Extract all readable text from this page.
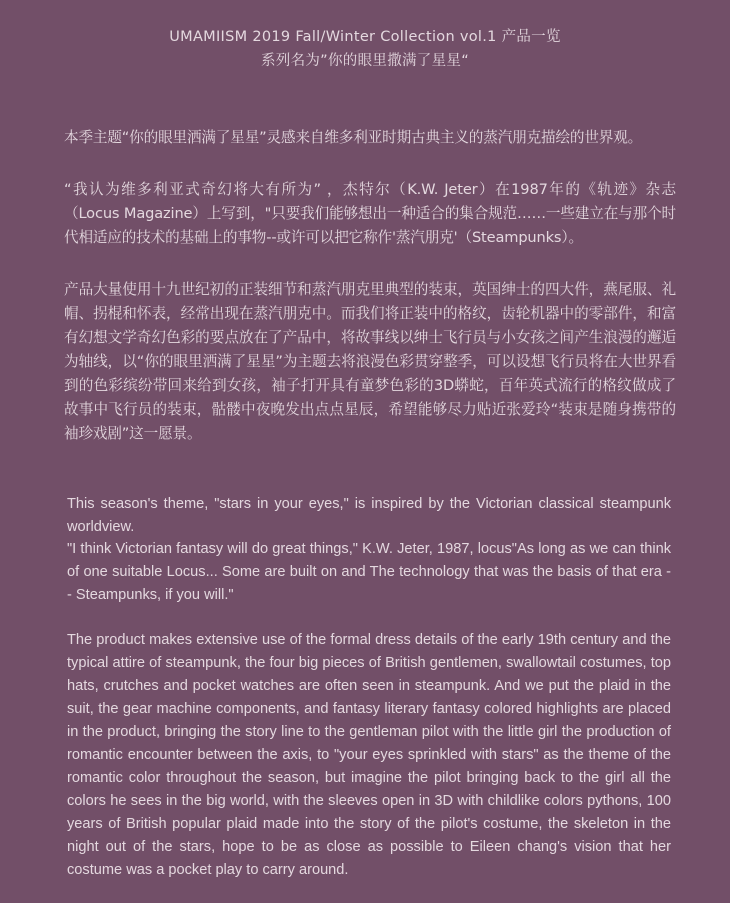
UMAMIISM 2019 Fall/Winter Collection vol.1 产品一览
系列名为”你的眼里撒满了星星“

本季主题“你的眼里洒满了星星”灵感来自维多利亚时期古典主义的蒸汽朋克描绘的世界观。

“我认为维多利亚式奇幻将大有所为” ，杰特尔（K.W. Jeter）在1987年的《轨迹》杂志（Locus Magazine）上写到，"只要我们能够想出一种适合的集合规范……一些建立在与那个时代相适应的技术的基础上的事物--或许可以把它称作'蒸汽朋克'（Steampunks）。

产品大量使用十九世纪初的正装细节和蒸汽朋克里典型的装束，英国绅士的四大件，燕尾服、礼帽、拐棍和怀表，经常出现在蒸汽朋克中。而我们将正装中的格纹，齿轮机器中的零部件，和富有幻想文学奇幻色彩的要点放在了产品中，将故事线以绅士飞行员与小女孩之间产生浪漫的邂逅为轴线，以“你的眼里洒满了星星”为主题去将浪漫色彩贯穿整季，可以设想飞行员将在大世界看到的色彩缤纷带回来给到女孩，袖子打开具有童梦色彩的3D蟒蛇，百年英式流行的格纹做成了故事中飞行员的装束，骷髅中夜晚发出点点星辰，希望能够尽力贴近张爱玲“装束是随身携带的袖珍戏剧”这一愿景。

This season's theme, "stars in your eyes," is inspired by the Victorian classical steampunk worldview.

"I think Victorian fantasy will do great things," K.W. Jeter, 1987, locus"As long as we can think of one suitable Locus... Some are built on and The technology that was the basis of that era -- Steampunks, if you will."

The product makes extensive use of the formal dress details of the early 19th century and the typical attire of steampunk, the four big pieces of British gentlemen, swallowtail costumes, top hats, crutches and pocket watches are often seen in steampunk. And we put the plaid in the suit, the gear machine components, and fantasy literary fantasy colored highlights are placed in the product, bringing the story line to the gentleman pilot with the little girl the production of romantic encounter between the axis, to "your eyes sprinkled with stars" as the theme of the romantic color throughout the season, but imagine the pilot bringing back to the girl all the colors he sees in the big world, with the sleeves open in 3D with childlike colors pythons, 100 years of British popular plaid made into the story of the pilot's costume, the skeleton in the night out of the stars, hope to be as close as possible to Eileen chang's vision that her costume was a pocket play to carry around.
